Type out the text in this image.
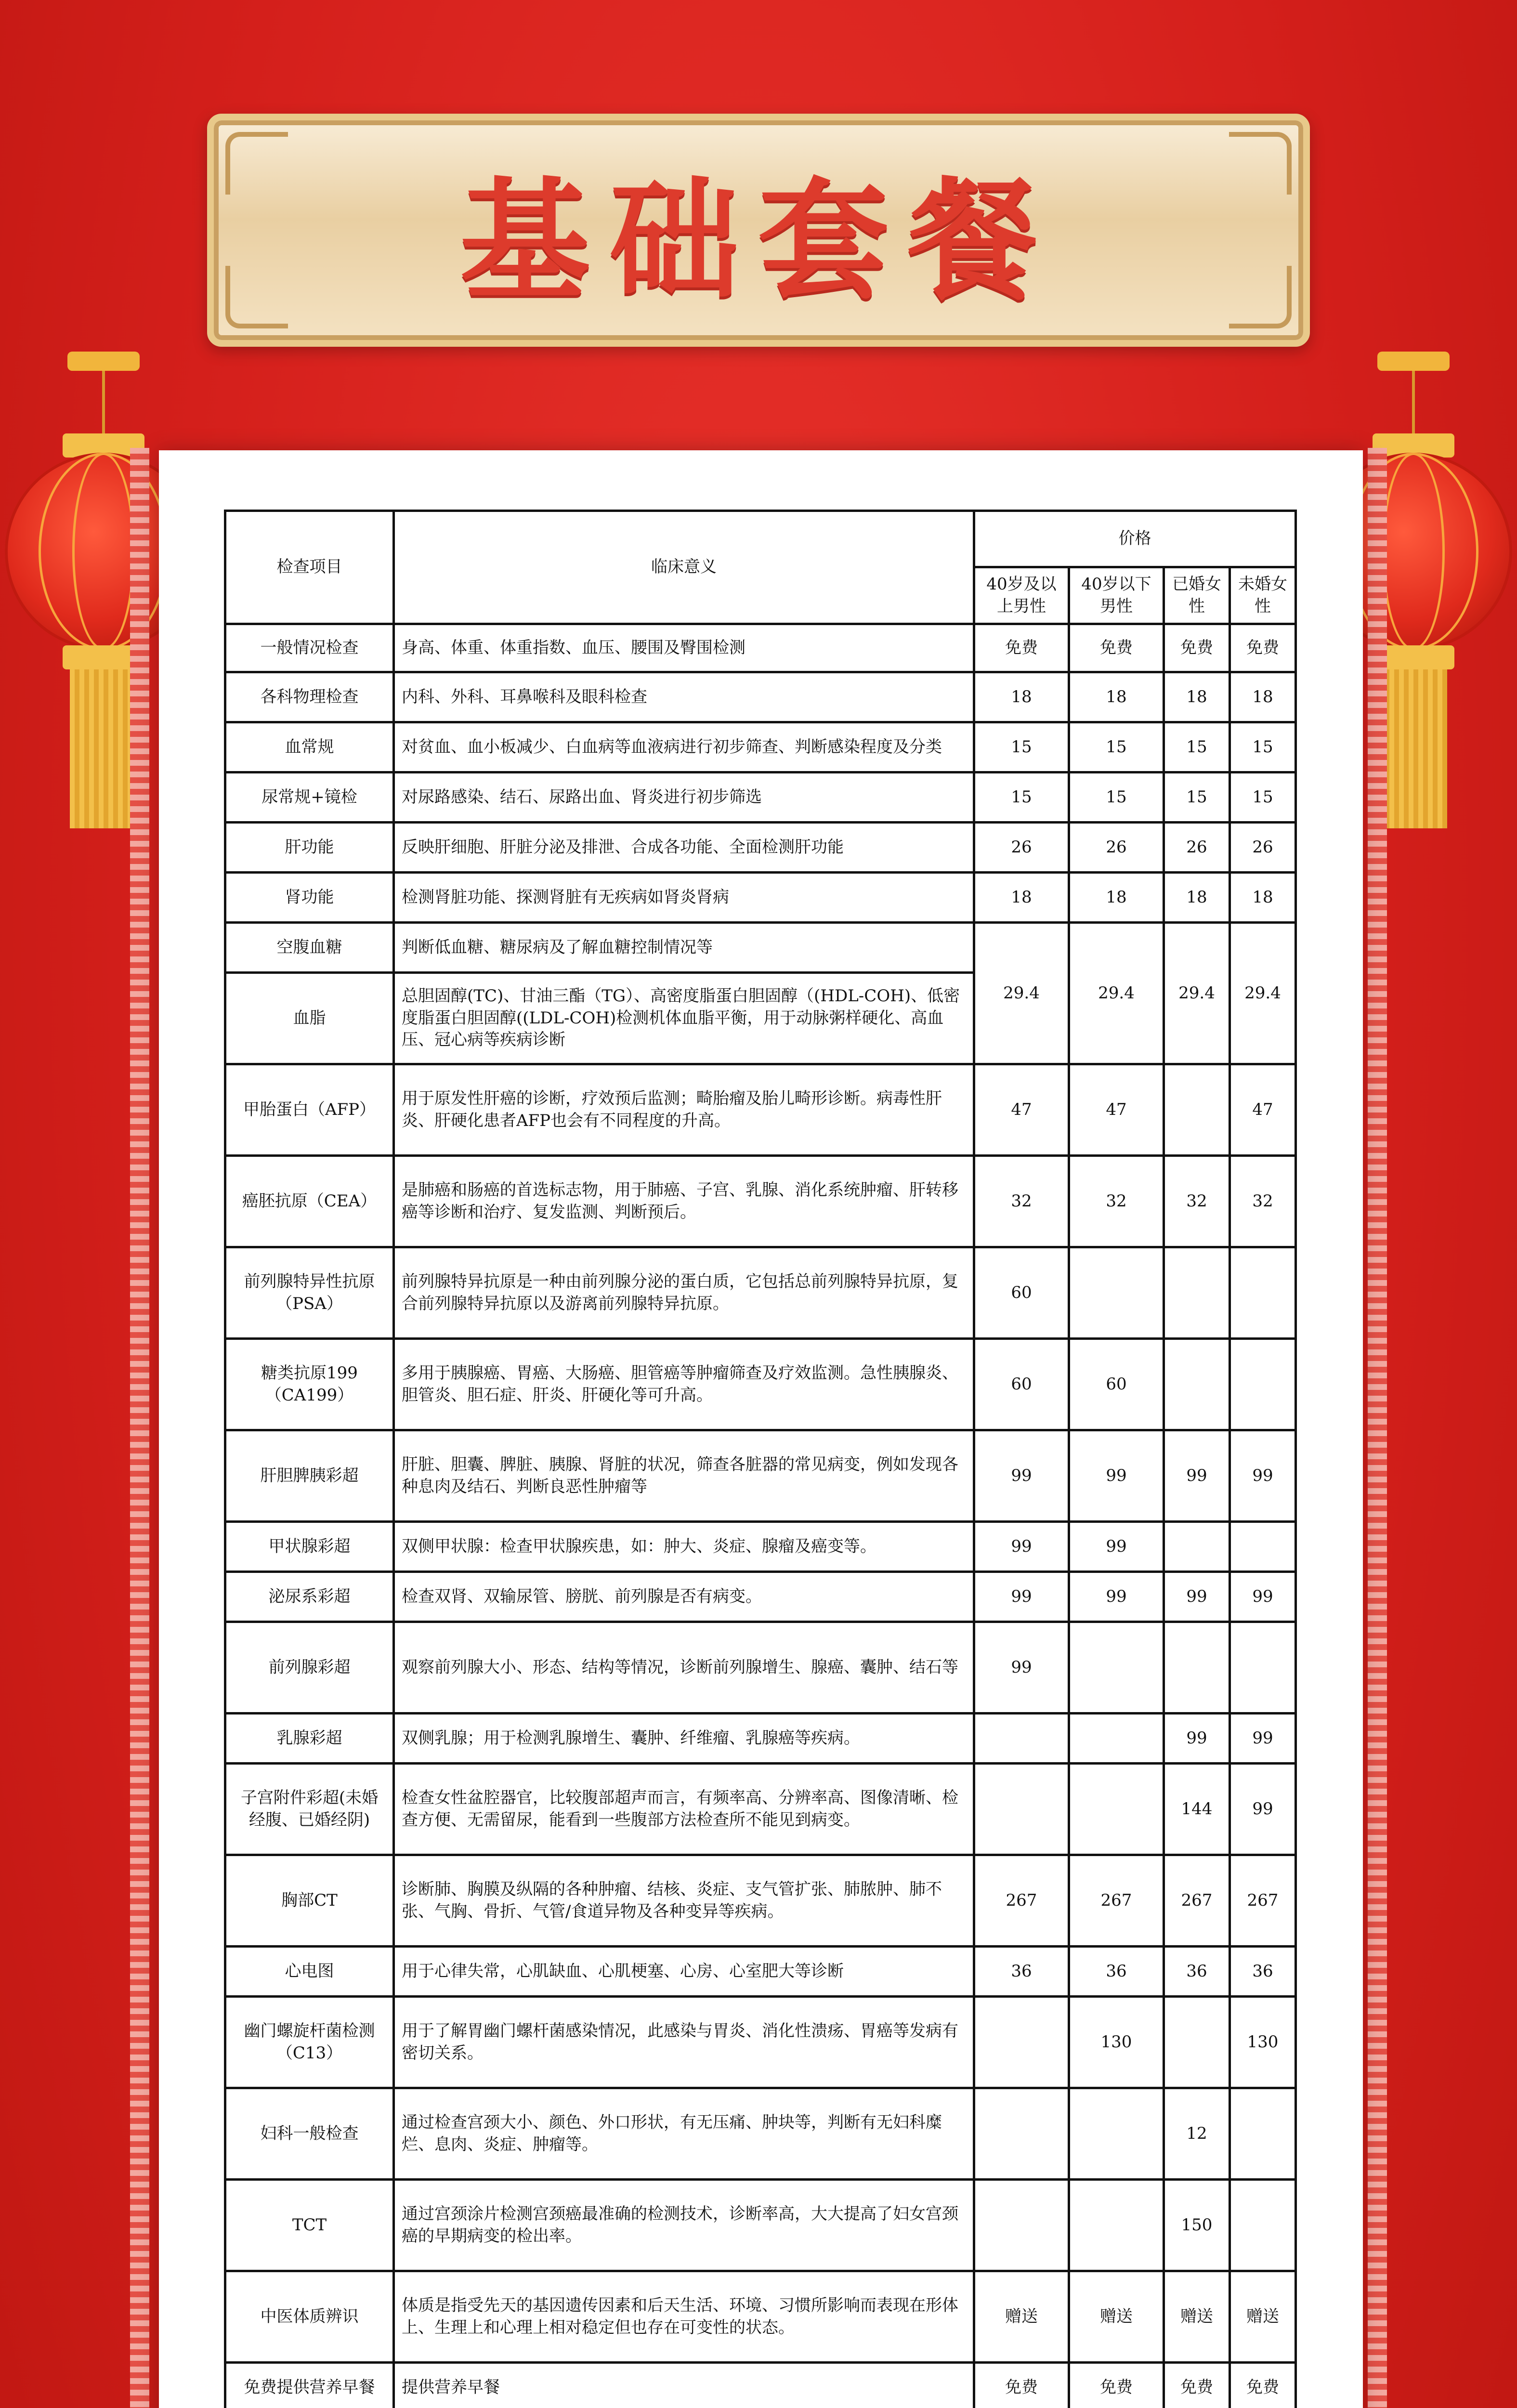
基础套餐
检查项目	临床意义	价格			
		40岁及以上男性	40岁以下男性	已婚女性	未婚女性
一般情况检查	身高、体重、体重指数、血压、腰围及臀围检测	免费	免费	免费	免费
各科物理检查	内科、外科、耳鼻喉科及眼科检查	18	18	18	18
血常规	对贫血、血小板减少、白血病等血液病进行初步筛查、判断感染程度及分类	15	15	15	15
尿常规+镜检	对尿路感染、结石、尿路出血、肾炎进行初步筛选	15	15	15	15
肝功能	反映肝细胞、肝脏分泌及排泄、合成各功能、全面检测肝功能	26	26	26	26
肾功能	检测肾脏功能、探测肾脏有无疾病如肾炎肾病	18	18	18	18
空腹血糖	判断低血糖、糖尿病及了解血糖控制情况等	29.4	29.4	29.4	29.4
血脂	总胆固醇(TC)、甘油三酯（TG）、高密度脂蛋白胆固醇（(HDL-COH)、低密度脂蛋白胆固醇((LDL-COH)检测机体血脂平衡，用于动脉粥样硬化、高血压、冠心病等疾病诊断				
甲胎蛋白（AFP）	用于原发性肝癌的诊断，疗效预后监测；畸胎瘤及胎儿畸形诊断。病毒性肝炎、肝硬化患者AFP也会有不同程度的升高。	47	47		47
癌胚抗原（CEA）	是肺癌和肠癌的首选标志物，用于肺癌、子宫、乳腺、消化系统肿瘤、肝转移癌等诊断和治疗、复发监测、判断预后。	32	32	32	32
前列腺特异性抗原（PSA）	前列腺特异抗原是一种由前列腺分泌的蛋白质，它包括总前列腺特异抗原，复合前列腺特异抗原以及游离前列腺特异抗原。	60			
糖类抗原199（CA199）	多用于胰腺癌、胃癌、大肠癌、胆管癌等肿瘤筛查及疗效监测。急性胰腺炎、胆管炎、胆石症、肝炎、肝硬化等可升高。	60	60		
肝胆脾胰彩超	肝脏、胆囊、脾脏、胰腺、肾脏的状况，筛查各脏器的常见病变，例如发现各种息肉及结石、判断良恶性肿瘤等	99	99	99	99
甲状腺彩超	双侧甲状腺：检查甲状腺疾患，如：肿大、炎症、腺瘤及癌变等。	99	99		
泌尿系彩超	检查双肾、双输尿管、膀胱、前列腺是否有病变。	99	99	99	99
前列腺彩超	观察前列腺大小、形态、结构等情况，诊断前列腺增生、腺癌、囊肿、结石等	99			
乳腺彩超	双侧乳腺；用于检测乳腺增生、囊肿、纤维瘤、乳腺癌等疾病。			99	99
子宫附件彩超(未婚经腹、已婚经阴)	检查女性盆腔器官，比较腹部超声而言，有频率高、分辨率高、图像清晰、检查方便、无需留尿，能看到一些腹部方法检查所不能见到病变。			144	99
胸部CT	诊断肺、胸膜及纵隔的各种肿瘤、结核、炎症、支气管扩张、肺脓肿、肺不张、气胸、骨折、气管/食道异物及各种变异等疾病。	267	267	267	267
心电图	用于心律失常，心肌缺血、心肌梗塞、心房、心室肥大等诊断	36	36	36	36
幽门螺旋杆菌检测（C13）	用于了解胃幽门螺杆菌感染情况，此感染与胃炎、消化性溃疡、胃癌等发病有密切关系。		130		130
妇科一般检查	通过检查宫颈大小、颜色、外口形状，有无压痛、肿块等，判断有无妇科糜烂、息肉、炎症、肿瘤等。			12	
TCT	通过宫颈涂片检测宫颈癌最准确的检测技术，诊断率高，大大提高了妇女宫颈癌的早期病变的检出率。			150	
中医体质辨识	体质是指受先天的基因遗传因素和后天生活、环境、习惯所影响而表现在形体上、生理上和心理上相对稳定但也存在可变性的状态。	赠送	赠送	赠送	赠送
免费提供营养早餐	提供营养早餐	免费	免费	免费	免费
